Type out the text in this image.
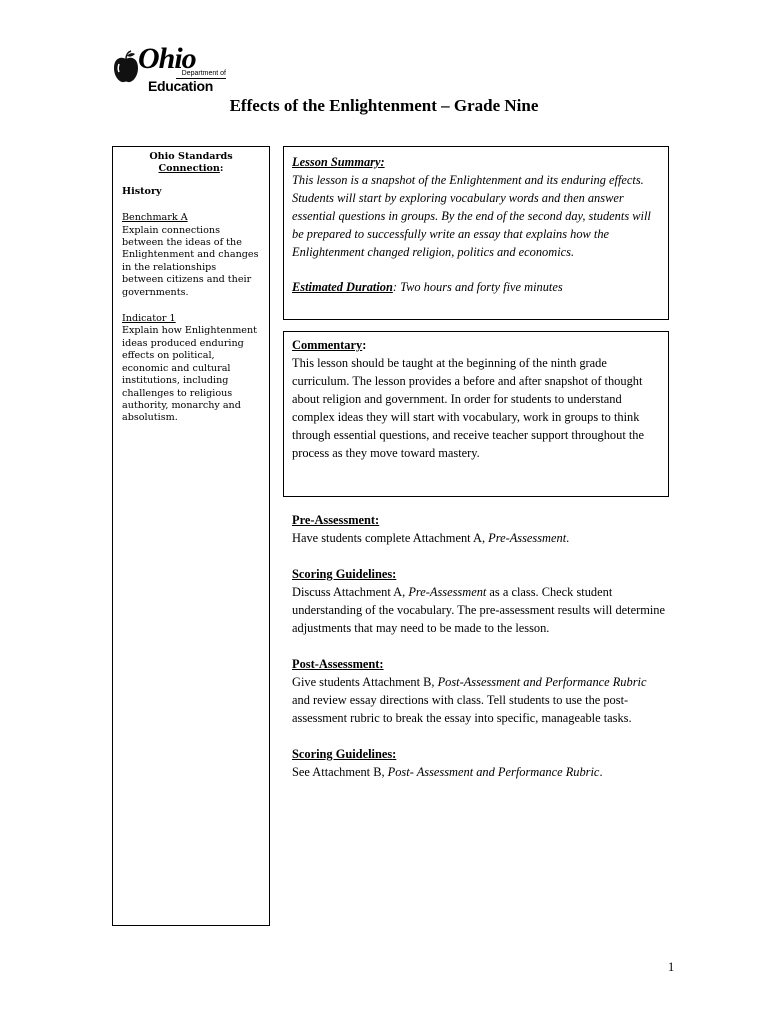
Ohio
Department of
Education
Effects of the Enlightenment – Grade Nine
Ohio Standards
Connection:
History
Benchmark A

Explain connections between the ideas of the Enlightenment and changes in the relationships between citizens and their governments.

Indicator 1

Explain how Enlightenment ideas produced enduring effects on political, economic and cultural institutions, including challenges to religious authority, monarchy and absolutism.

Lesson Summary:
This lesson is a snapshot of the Enlightenment and its enduring effects. Students will start by exploring vocabulary words and then answer essential questions in groups. By the end of the second day, students will be prepared to successfully write an essay that explains how the Enlightenment changed religion, politics and economics.
Estimated Duration: Two hours and forty five minutes
Commentary:
This lesson should be taught at the beginning of the ninth grade curriculum. The lesson provides a before and after snapshot of thought about religion and government. In order for students to understand complex ideas they will start with vocabulary, work in groups to think through essential questions, and receive teacher support throughout the process as they move toward mastery.
Pre-Assessment:
Have students complete Attachment A, Pre-Assessment.
Scoring Guidelines:
Discuss Attachment A, Pre-Assessment as a class. Check student understanding of the vocabulary. The pre-assessment results will determine adjustments that may need to be made to the lesson.
Post-Assessment:
Give students Attachment B, Post-Assessment and Performance Rubric and review essay directions with class. Tell students to use the post-assessment rubric to break the essay into specific, manageable tasks.
Scoring Guidelines:
See Attachment B, Post- Assessment and Performance Rubric.
1
